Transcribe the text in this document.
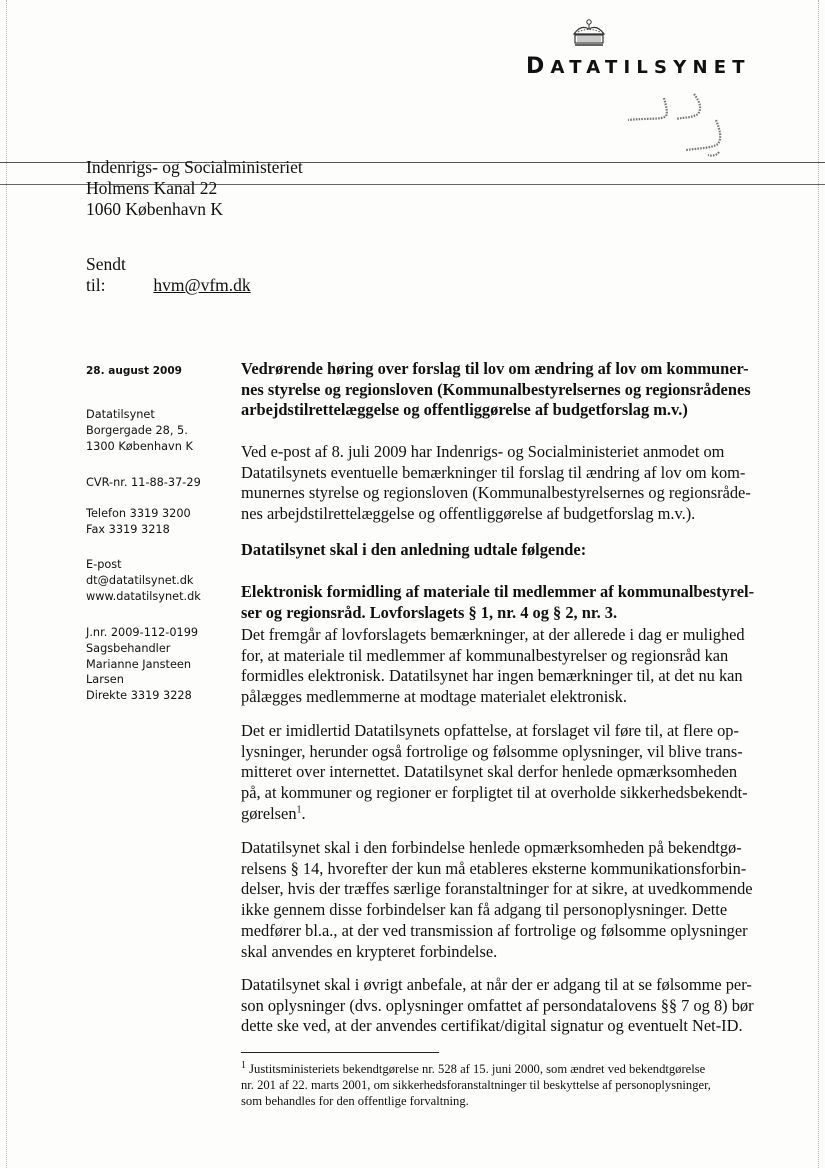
DATATILSYNET
Indenrigs- og Socialministeriet
Holmens Kanal 22
1060 København K
Sendt til:	hvm@vfm.dk
28. august 2009
Datatilsynet
Borgergade 28, 5.
1300 København K
CVR-nr. 11-88-37-29
Telefon 3319 3200
Fax 3319 3218
E-post
dt@datatilsynet.dk
www.datatilsynet.dk
J.nr. 2009-112-0199
Sagsbehandler
Marianne Jansteen
Larsen
Direkte 3319 3228

Vedrørende høring over forslag til lov om ændring af lov om kommuner-

nes styrelse og regionsloven (Kommunalbestyrelsernes og regionsrådenes

arbejdstilrettelæggelse og offentliggørelse af budgetforslag m.v.)

Ved e-post af 8. juli 2009 har Indenrigs- og Socialministeriet anmodet om

Datatilsynets eventuelle bemærkninger til forslag til ændring af lov om kom-

munernes styrelse og regionsloven (Kommunalbestyrelsernes og regionsråde-

nes arbejdstilrettelæggelse og offentliggørelse af budgetforslag m.v.).

Datatilsynet skal i den anledning udtale følgende:

Elektronisk formidling af materiale til medlemmer af kommunalbestyrel-

ser og regionsråd. Lovforslagets § 1, nr. 4 og § 2, nr. 3.

Det fremgår af lovforslagets bemærkninger, at der allerede i dag er mulighed

for, at materiale til medlemmer af kommunalbestyrelser og regionsråd kan

formidles elektronisk. Datatilsynet har ingen bemærkninger til, at det nu kan

pålægges medlemmerne at modtage materialet elektronisk.

Det er imidlertid Datatilsynets opfattelse, at forslaget vil føre til, at flere op-

lysninger, herunder også fortrolige og følsomme oplysninger, vil blive trans-

mitteret over internettet. Datatilsynet skal derfor henlede opmærksomheden

på, at kommuner og regioner er forpligtet til at overholde sikkerhedsbekendt-

gørelsen$^1$.

Datatilsynet skal i den forbindelse henlede opmærksomheden på bekendtgø-

relsens § 14, hvorefter der kun må etableres eksterne kommunikationsforbin-

delser, hvis der træffes særlige foranstaltninger for at sikre, at uvedkommende

ikke gennem disse forbindelser kan få adgang til personoplysninger. Dette

medfører bl.a., at der ved transmission af fortrolige og følsomme oplysninger

skal anvendes en krypteret forbindelse.

Datatilsynet skal i øvrigt anbefale, at når der er adgang til at se følsomme per-

son oplysninger (dvs. oplysninger omfattet af persondatalovens §§ 7 og 8) bør

dette ske ved, at der anvendes certifikat/digital signatur og eventuelt Net-ID.

$^1$ Justitsministeriets bekendtgørelse nr. 528 af 15. juni 2000, som ændret ved bekendtgørelse
nr. 201 af 22. marts 2001, om sikkerhedsforanstaltninger til beskyttelse af personoplysninger,
som behandles for den offentlige forvaltning.
